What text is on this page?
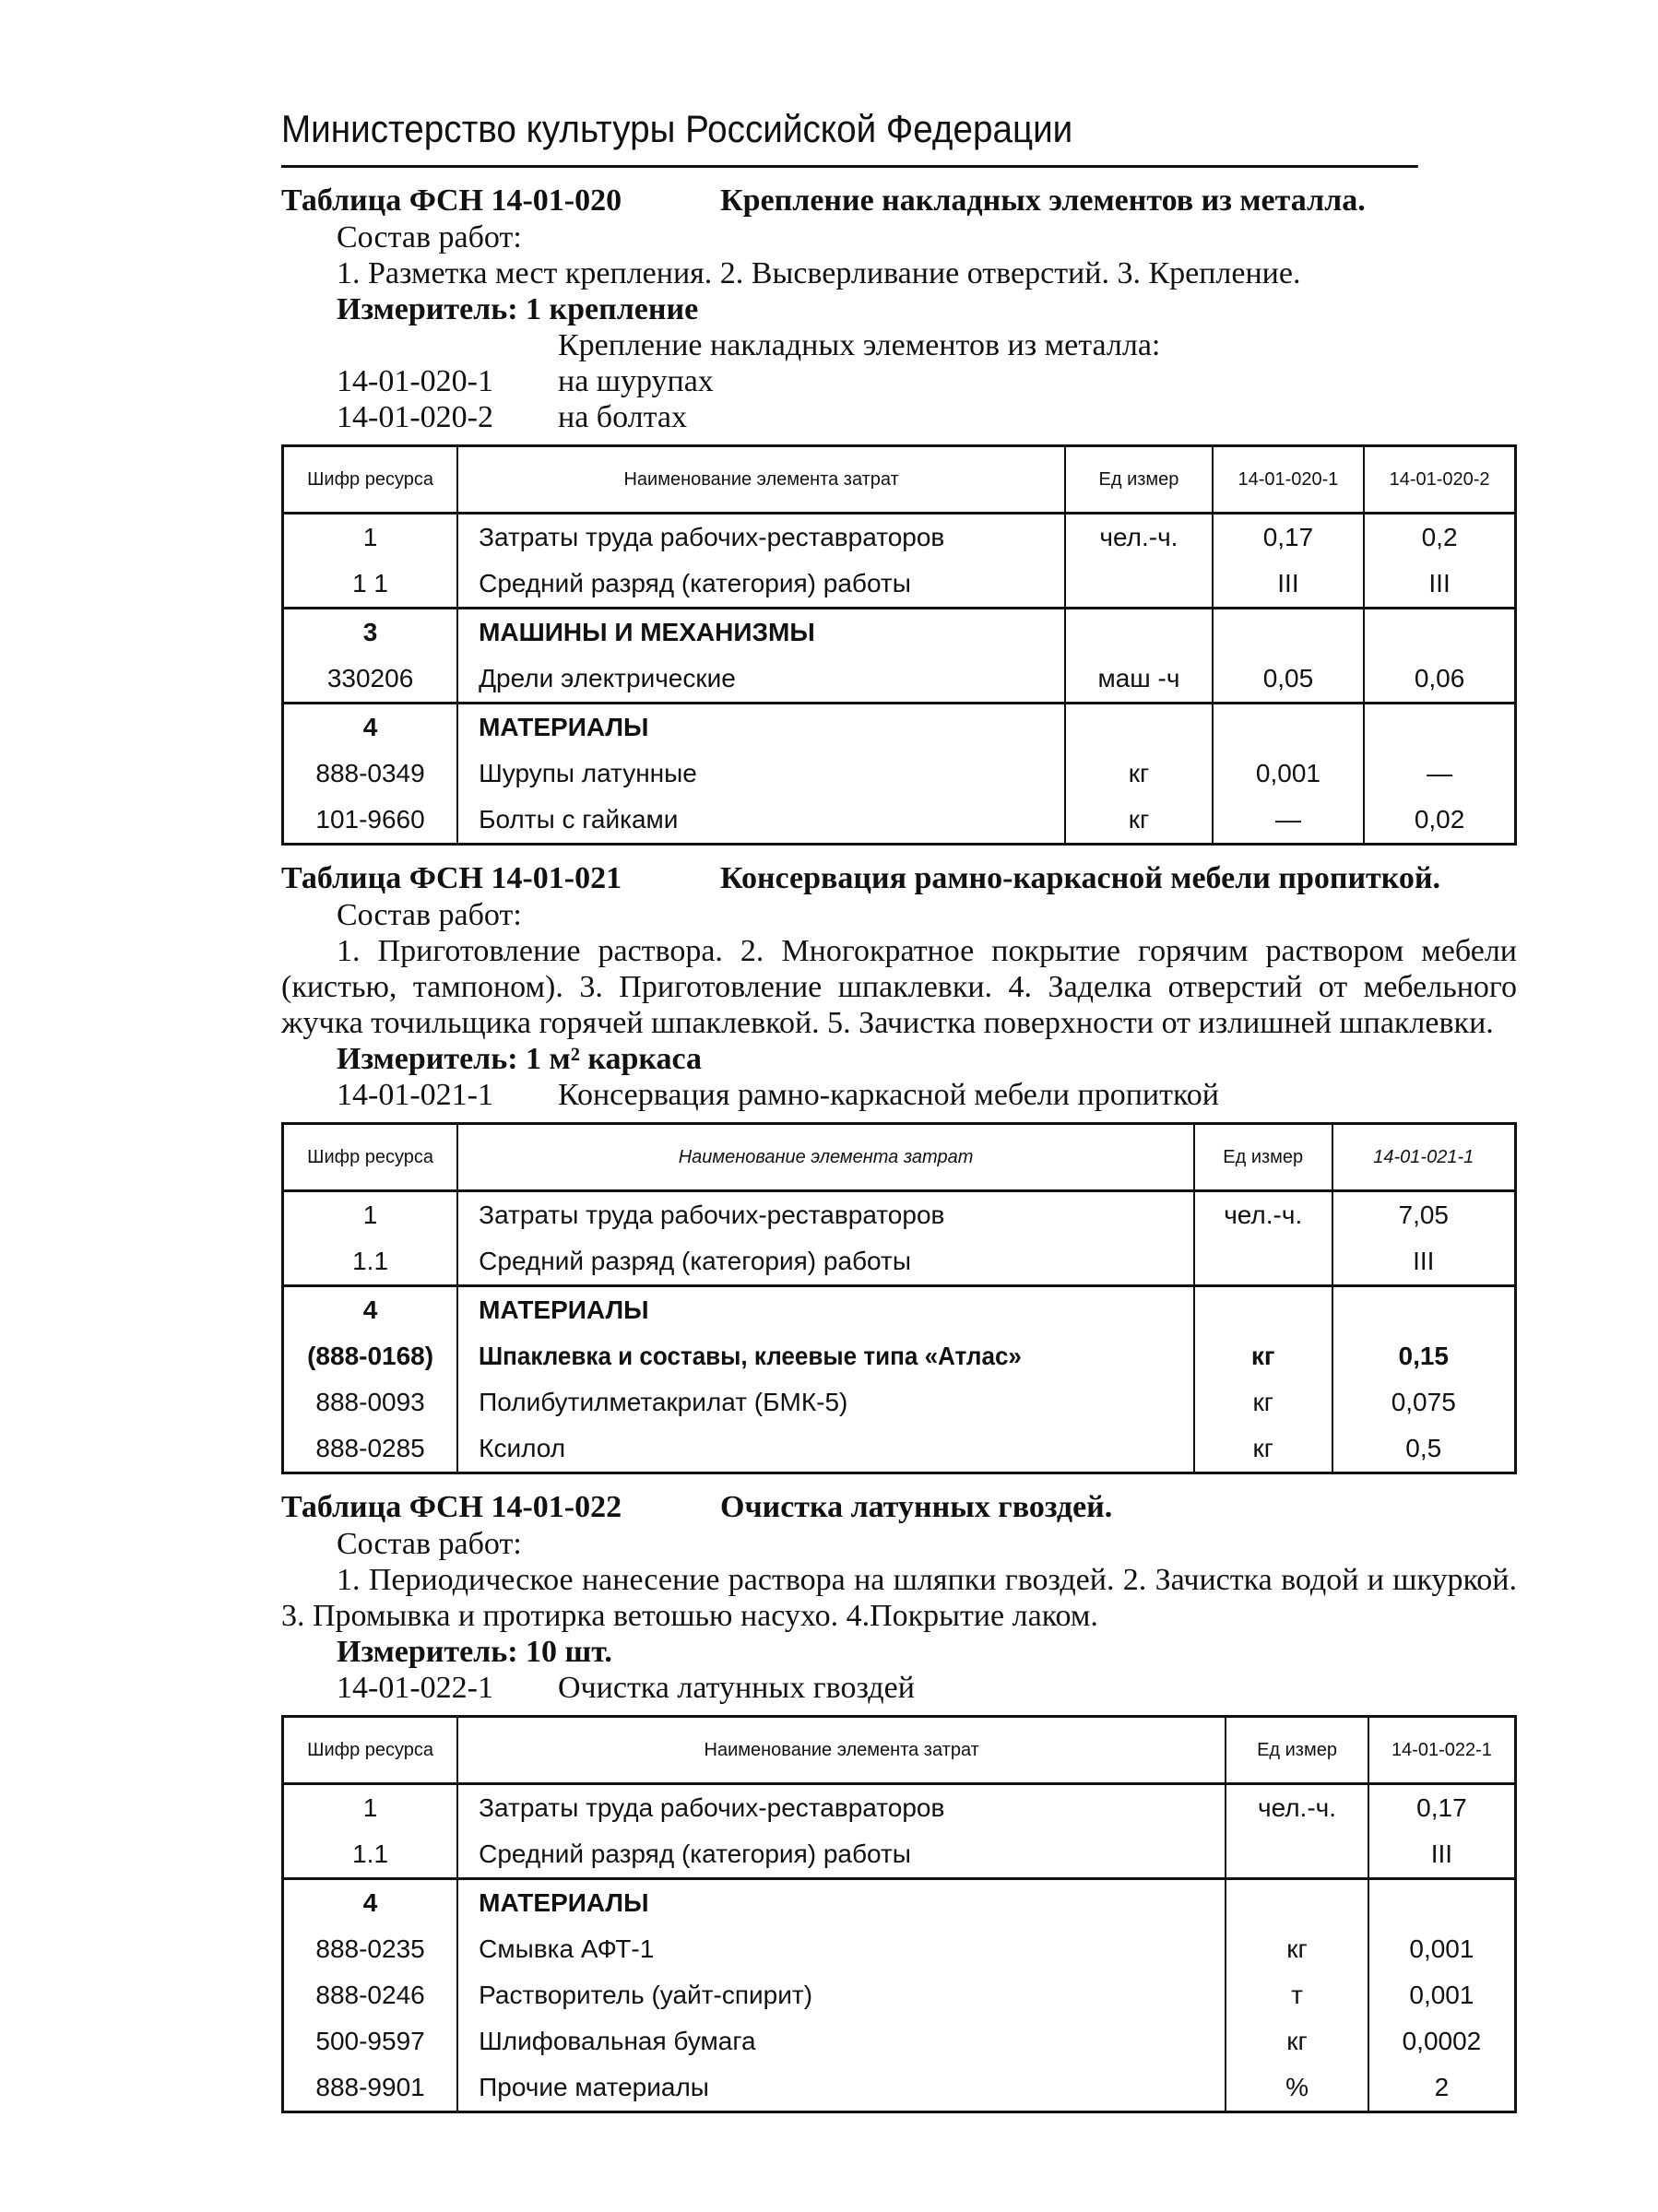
Министерство культуры Российской Федерации
Таблица ФСН 14-01-020	Крепление накладных элементов из металла.
Состав работ:
1. Разметка мест крепления. 2. Высверливание отверстий. 3. Крепление.
Измеритель: 1 крепление
Крепление накладных элементов из металла:
14-01-020-1	на шурупах
14-01-020-2	на болтах
Шифр ресурса	Наименование элемента затрат	Ед измер	14-01-020-1	14-01-020-2
1	Затраты труда рабочих-реставраторов	чел.-ч.	0,17	0,2
1 1	Средний разряд (категория) работы		III	III
3	МАШИНЫ И МЕХАНИЗМЫ			
330206	Дрели электрические	маш -ч	0,05	0,06
4	МАТЕРИАЛЫ			
888-0349	Шурупы латунные	кг	0,001	—
101-9660	Болты с гайками	кг	—	0,02
Таблица ФСН 14-01-021	Консервация рамно-каркасной мебели пропиткой.
Состав работ:
1. Приготовление раствора. 2. Многократное покрытие горячим раствором мебели (кистью, тампоном). 3. Приготовление шпаклевки. 4. Заделка отверстий от мебельного жучка точильщика горячей шпаклевкой. 5. Зачистка поверхности от излишней шпаклевки.
Измеритель: 1 м² каркаса
14-01-021-1	Консервация рамно-каркасной мебели пропиткой
Шифр ресурса	Наименование элемента затрат	Ед измер	14-01-021-1
1	Затраты труда рабочих-реставраторов	чел.-ч.	7,05
1.1	Средний разряд (категория) работы		III
4	МАТЕРИАЛЫ		
(888-0168)	Шпаклевка и составы, клеевые типа «Атлас»	кг	0,15
888-0093	Полибутилметакрилат (БМК-5)	кг	0,075
888-0285	Ксилол	кг	0,5
Таблица ФСН 14-01-022	Очистка латунных гвоздей.
Состав работ:
1. Периодическое нанесение раствора на шляпки гвоздей. 2. Зачистка водой и шкуркой. 3. Промывка и протирка ветошью насухо. 4.Покрытие лаком.
Измеритель: 10 шт.
14-01-022-1	Очистка латунных гвоздей
Шифр ресурса	Наименование элемента затрат	Ед измер	14-01-022-1
1	Затраты труда рабочих-реставраторов	чел.-ч.	0,17
1.1	Средний разряд (категория) работы		III
4	МАТЕРИАЛЫ		
888-0235	Смывка АФТ-1	кг	0,001
888-0246	Растворитель (уайт-спирит)	т	0,001
500-9597	Шлифовальная бумага	кг	0,0002
888-9901	Прочие материалы	%	2
